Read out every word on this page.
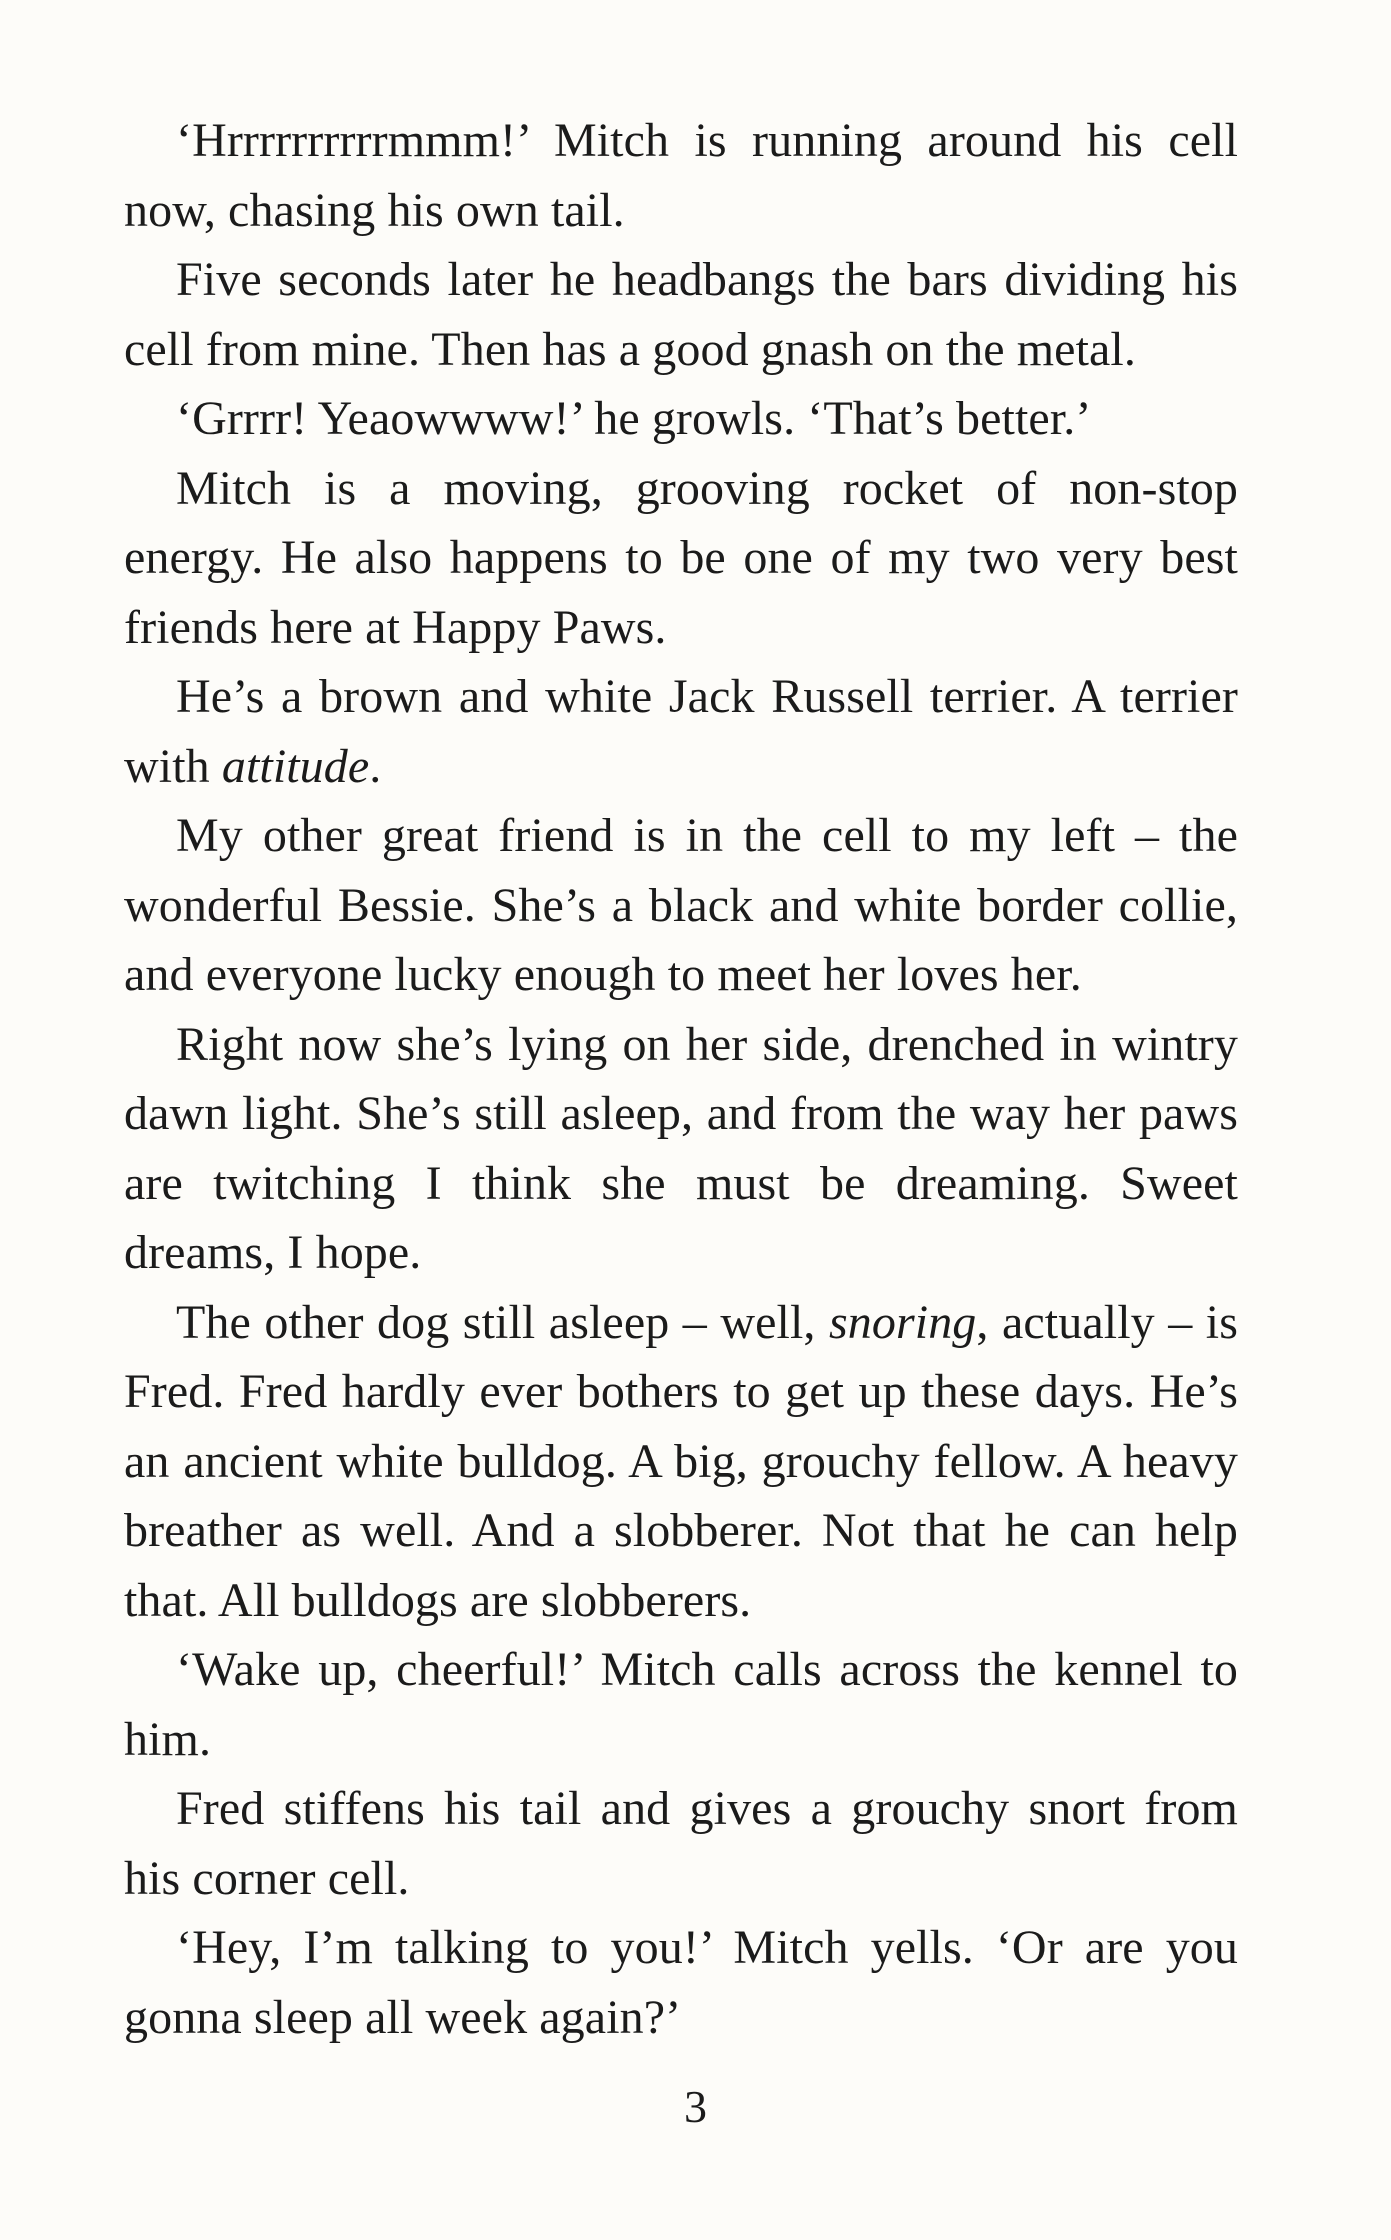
‘Hrrrrrrrrrrmmm!’ Mitch is running around his cell now, chasing his own tail.

Five seconds later he headbangs the bars dividing his cell from mine. Then has a good gnash on the metal.

‘Grrrr! Yeaowwww!’ he growls. ‘That’s better.’

Mitch is a moving, grooving rocket of non-stop energy. He also happens to be one of my two very best friends here at Happy Paws.

He’s a brown and white Jack Russell terrier. A terrier with attitude.

My other great friend is in the cell to my left – the wonderful Bessie. She’s a black and white border collie, and everyone lucky enough to meet her loves her.

Right now she’s lying on her side, drenched in wintry dawn light. She’s still asleep, and from the way her paws are twitching I think she must be dreaming. Sweet dreams, I hope.

The other dog still asleep – well, snoring, actually – is Fred. Fred hardly ever bothers to get up these days. He’s an ancient white bulldog. A big, grouchy fellow. A heavy breather as well. And a slobberer. Not that he can help that. All bulldogs are slobberers.

‘Wake up, cheerful!’ Mitch calls across the kennel to him.

Fred stiffens his tail and gives a grouchy snort from his corner cell.

‘Hey, I’m talking to you!’ Mitch yells. ‘Or are you gonna sleep all week again?’

3
